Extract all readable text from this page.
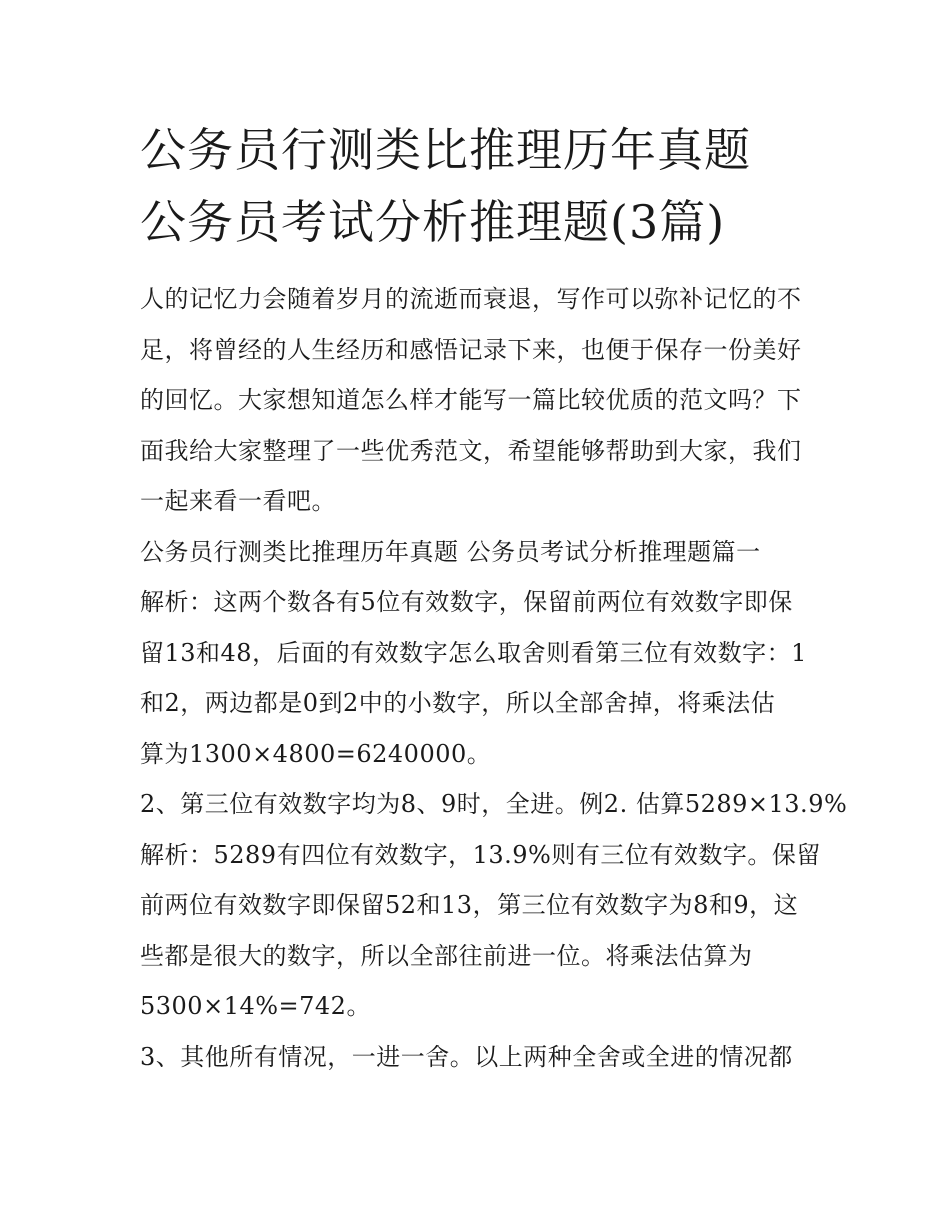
公务员行测类比推理历年真题
公务员考试分析推理题(3篇)

人的记忆力会随着岁月的流逝而衰退，写作可以弥补记忆的不
足，将曾经的人生经历和感悟记录下来，也便于保存一份美好
的回忆。大家想知道怎么样才能写一篇比较优质的范文吗？下
面我给大家整理了一些优秀范文，希望能够帮助到大家，我们
一起来看一看吧。

公务员行测类比推理历年真题 公务员考试分析推理题篇一

解析：这两个数各有5位有效数字，保留前两位有效数字即保
留13和48，后面的有效数字怎么取舍则看第三位有效数字：1
和2，两边都是0到2中的小数字，所以全部舍掉，将乘法估
算为1300×4800=6240000。

2、第三位有效数字均为8、9时，全进。例2. 估算5289×13.9%

解析：5289有四位有效数字，13.9%则有三位有效数字。保留
前两位有效数字即保留52和13，第三位有效数字为8和9，这
些都是很大的数字，所以全部往前进一位。将乘法估算为
5300×14%=742。

3、其他所有情况，一进一舍。以上两种全舍或全进的情况都
